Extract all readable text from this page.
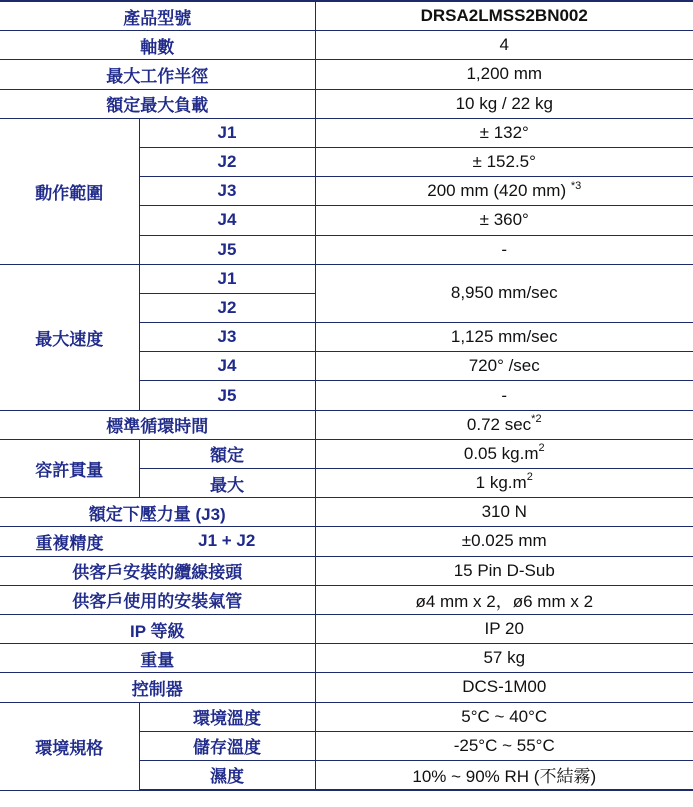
產品型號		DRSA2LMSS2BN002
軸數		4
最大工作半徑		1,200 mm
額定最大負載		10 kg / 22 kg
動作範圍	J1	± 132°
	J2	± 152.5°
	J3	200 mm (420 mm) $^{*3}$
	J4	± 360°
	J5	-
最大速度	J1	8,950 mm/sec
	J2	
	J3	1,125 mm/sec
	J4	720° /sec
	J5	-
標準循環時間		0.72 $\sec^{*2}$
容許貫量	額定	0.05 $kg.m^2$
	最大	1 $kg.m^2$
額定下壓力量 (J3)		310 N
重複精度	J1 + J2	±0.025 mm
供客戶安裝的纜線接頭		15 Pin D-Sub
供客戶使用的安裝氣管		ø4 mm x 2，ø6 mm x 2
IP 等級		IP 20
重量		57 kg
控制器		DCS-1M00
環境規格	環境溫度	5°C ~ 40°C
	儲存溫度	-25°C ~ 55°C
	濕度	10% ~ 90% RH (不結霧)
